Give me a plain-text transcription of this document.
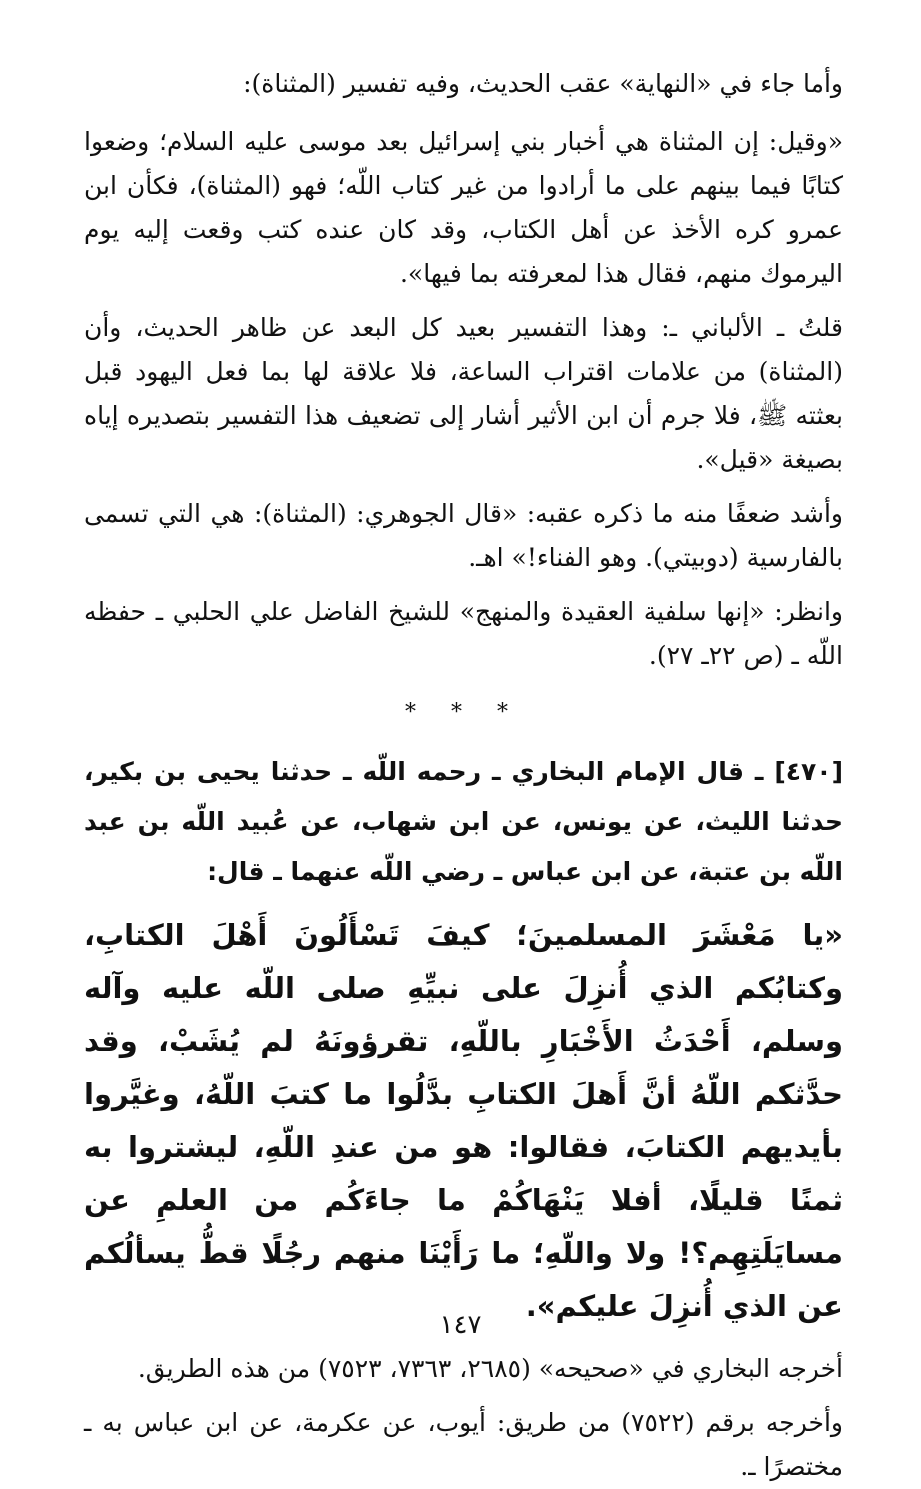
وأما جاء في «النهاية» عقب الحديث، وفيه تفسير (المثناة):

«وقيل: إن المثناة هي أخبار بني إسرائيل بعد موسى عليه السلام؛ وضعوا كتابًا فيما بينهم على ما أرادوا من غير كتاب اللّه؛ فهو (المثناة)، فكأن ابن عمرو كره الأخذ عن أهل الكتاب، وقد كان عنده كتب وقعت إليه يوم اليرموك منهم، فقال هذا لمعرفته بما فيها».

قلتُ ـ الألباني ـ: وهذا التفسير بعيد كل البعد عن ظاهر الحديث، وأن (المثناة) من علامات اقتراب الساعة، فلا علاقة لها بما فعل اليهود قبل بعثته ﷺ، فلا جرم أن ابن الأثير أشار إلى تضعيف هذا التفسير بتصديره إياه بصيغة «قيل».

وأشد ضعفًا منه ما ذكره عقبه: «قال الجوهري: (المثناة): هي التي تسمى بالفارسية (دوبيتي). وهو الفناء!» اهـ.

وانظر: «إنها سلفية العقيدة والمنهج» للشيخ الفاضل علي الحلبي ـ حفظه اللّه ـ (ص ٢٢ـ ٢٧).

* * *

[٤٧٠] ـ قال الإمام البخاري ـ رحمه اللّه ـ حدثنا يحيى بن بكير، حدثنا الليث، عن يونس، عن ابن شهاب، عن عُبيد اللّه بن عبد اللّه بن عتبة، عن ابن عباس ـ رضي اللّه عنهما ـ قال:

«يا مَعْشَرَ المسلمينَ؛ كيفَ تَسْأَلُونَ أَهْلَ الكتابِ، وكتابُكم الذي أُنزِلَ على نبيِّهِ صلى اللّه عليه وآله وسلم، أَحْدَثُ الأَخْبَارِ باللّهِ، تقرؤونَهُ لم يُشَبْ، وقد حدَّثكم اللّهُ أنَّ أَهلَ الكتابِ بدَّلُوا ما كتبَ اللّهُ، وغيَّروا بأيديهم الكتابَ، فقالوا: هو من عندِ اللّهِ، ليشتروا به ثمنًا قليلًا، أفلا يَنْهَاكُمْ ما جاءَكُم من العلمِ عن مسايَلَتِهِم؟! ولا واللّهِ؛ ما رَأَيْنَا منهم رجُلًا قطُّ يسألُكم عن الذي أُنزِلَ عليكم».

أخرجه البخاري في «صحيحه» (٢٦٨٥، ٧٣٦٣، ٧٥٢٣) من هذه الطريق.

وأخرجه برقم (٧٥٢٢) من طريق: أيوب، عن عكرمة، عن ابن عباس به ـ مختصرًا ـ.

١٤٧
